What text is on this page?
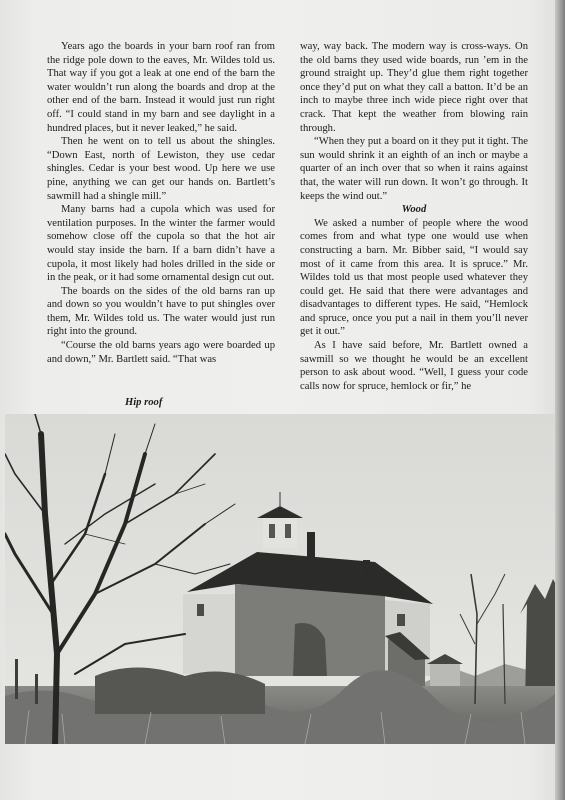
Years ago the boards in your barn roof ran from the ridge pole down to the eaves, Mr. Wildes told us. That way if you got a leak at one end of the barn the water wouldn’t run along the boards and drop at the other end of the barn. Instead it would just run right off. “I could stand in my barn and see daylight in a hundred places, but it never leaked,” he said.

Then he went on to tell us about the shingles. “Down East, north of Lewiston, they use cedar shingles. Cedar is your best wood. Up here we use pine, anything we can get our hands on. Bartlett’s sawmill had a shingle mill.”

Many barns had a cupola which was used for ventilation purposes. In the winter the farmer would somehow close off the cupola so that the hot air would stay inside the barn. If a barn didn’t have a cupola, it most likely had holes drilled in the side or in the peak, or it had some ornamental design cut out.

The boards on the sides of the old barns ran up and down so you wouldn’t have to put shingles over them, Mr. Wildes told us. The water would just run right into the ground.

“Course the old barns years ago were boarded up and down,” Mr. Bartlett said. “That was

way, way back. The modern way is cross-ways. On the old barns they used wide boards, run ’em in the ground straight up. They’d glue them right together once they’d put on what they call a batton. It’d be an inch to maybe three inch wide piece right over that crack. That kept the weather from blowing rain through.

“When they put a board on it they put it tight. The sun would shrink it an eighth of an inch or maybe a quarter of an inch over that so when it rains against that, the water will run down. It won’t go through. It keeps the wind out.”

Wood

We asked a number of people where the wood comes from and what type one would use when constructing a barn. Mr. Bibber said, “I would say most of it came from this area. It is spruce.” Mr. Wildes told us that most people used whatever they could get. He said that there were advantages and disadvantages to different types. He said, “Hemlock and spruce, once you put a nail in them you’ll never get it out.”

As I have said before, Mr. Bartlett owned a sawmill so we thought he would be an excellent person to ask about wood. “Well, I guess your code calls now for spruce, hemlock or fir,” he

Hip roof
